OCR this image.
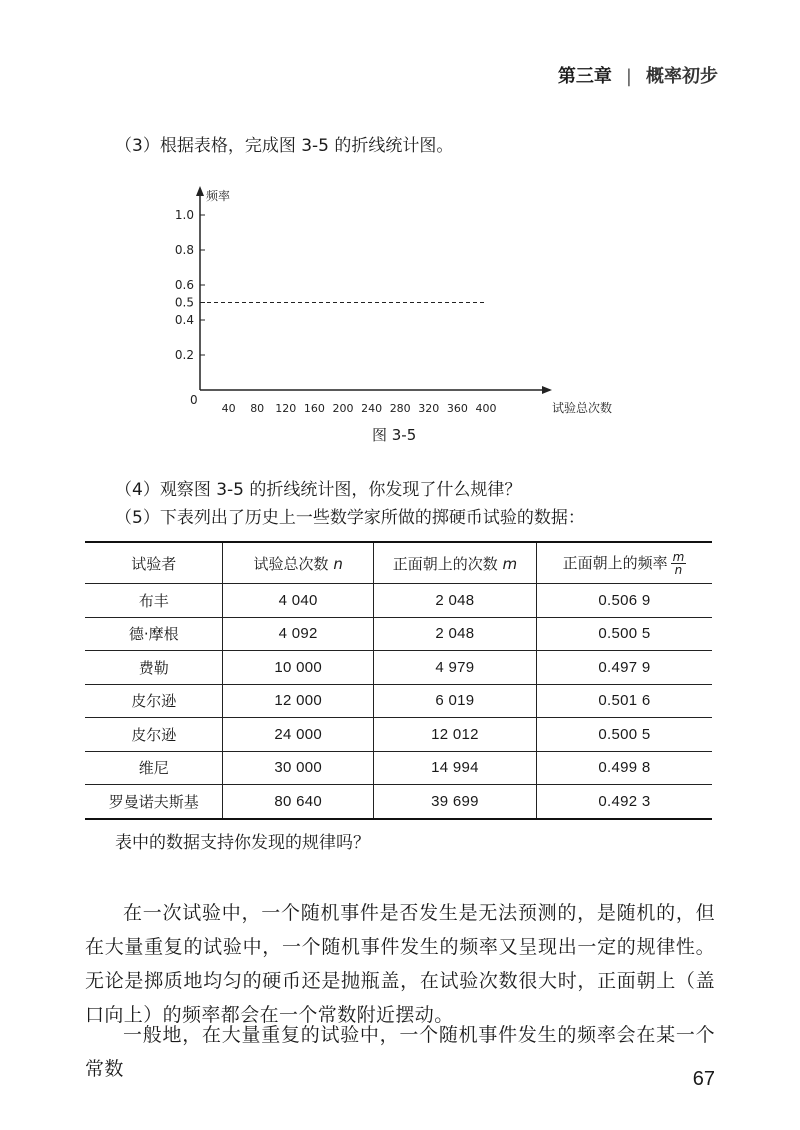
第三章 | 概率初步
（3）根据表格，完成图 3-5 的折线统计图。
频率
试验总次数
0
1.0
0.8
0.6
0.5
0.4
0.2
40 80 120 160 200 240 280 320 360 400
图 3-5
（4）观察图 3-5 的折线统计图，你发现了什么规律？
（5）下表列出了历史上一些数学家所做的掷硬币试验的数据：
试验者	试验总次数 n	正面朝上的次数 m	正面朝上的频率 $\frac{m}{n}$

布丰	4 040	2 048	0.506 9
德·摩根	4 092	2 048	0.500 5
费勒	10 000	4 979	0.497 9
皮尔逊	12 000	6 019	0.501 6
皮尔逊	24 000	12 012	0.500 5
维尼	30 000	14 994	0.499 8
罗曼诺夫斯基	80 640	39 699	0.492 3
表中的数据支持你发现的规律吗？
在一次试验中，一个随机事件是否发生是无法预测的，是随机的，但在大量重复的试验中，一个随机事件发生的频率又呈现出一定的规律性。无论是掷质地均匀的硬币还是抛瓶盖，在试验次数很大时，正面朝上（盖口向上）的频率都会在一个常数附近摆动。
一般地，在大量重复的试验中，一个随机事件发生的频率会在某一个常数	67
